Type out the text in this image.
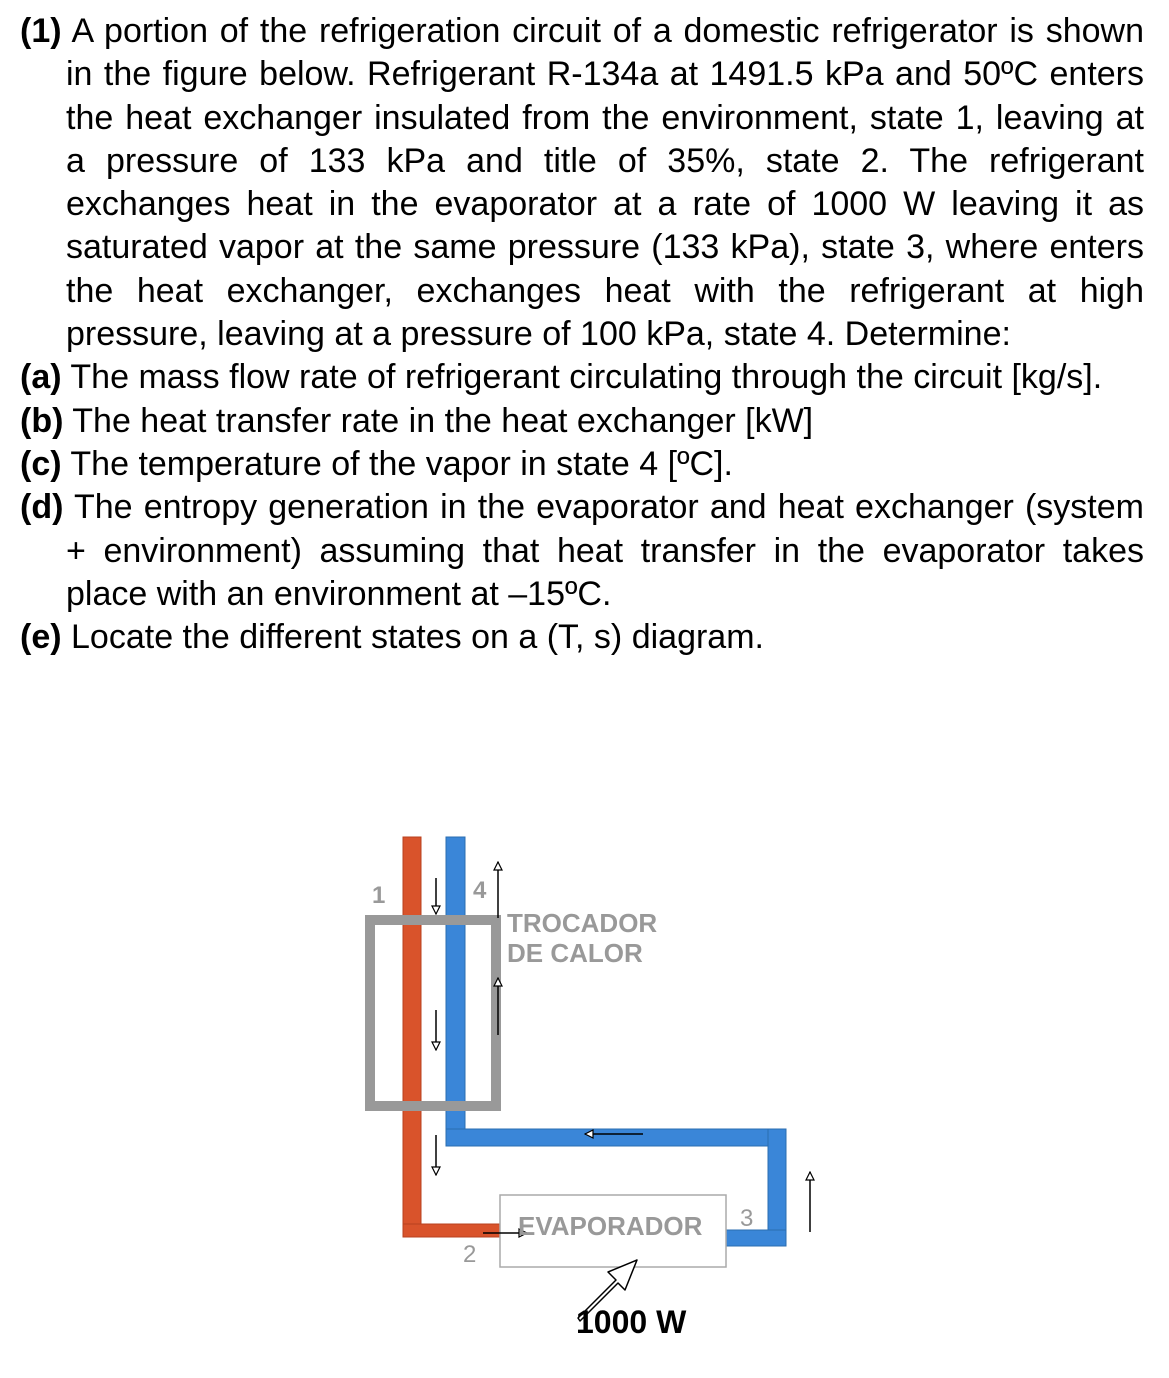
(1) A portion of the refrigeration circuit of a domestic refrigerator is shown in the figure below. Refrigerant R-134a at 1491.5 kPa and 50ºC enters the heat exchanger insulated from the environment, state 1, leaving at a pressure of 133 kPa and title of 35%, state 2. The refrigerant exchanges heat in the evaporator at a rate of 1000 W leaving it as saturated vapor at the same pressure (133 kPa), state 3, where enters the heat exchanger, exchanges heat with the refrigerant at high pressure, leaving at a pressure of 100 kPa, state 4. Determine:

(a) The mass flow rate of refrigerant circulating through the circuit [kg/s].

(b) The heat transfer rate in the heat exchanger [kW]

(c) The temperature of the vapor in state 4 [ºC].

(d) The entropy generation in the evaporator and heat exchanger (system + environment) assuming that heat transfer in the evaporator takes place with an environment at –15ºC.

(e) Locate the different states on a (T, s) diagram.

TROCADOR
DE CALOR
EVAPORADOR
1	4
2
3
1000 W
